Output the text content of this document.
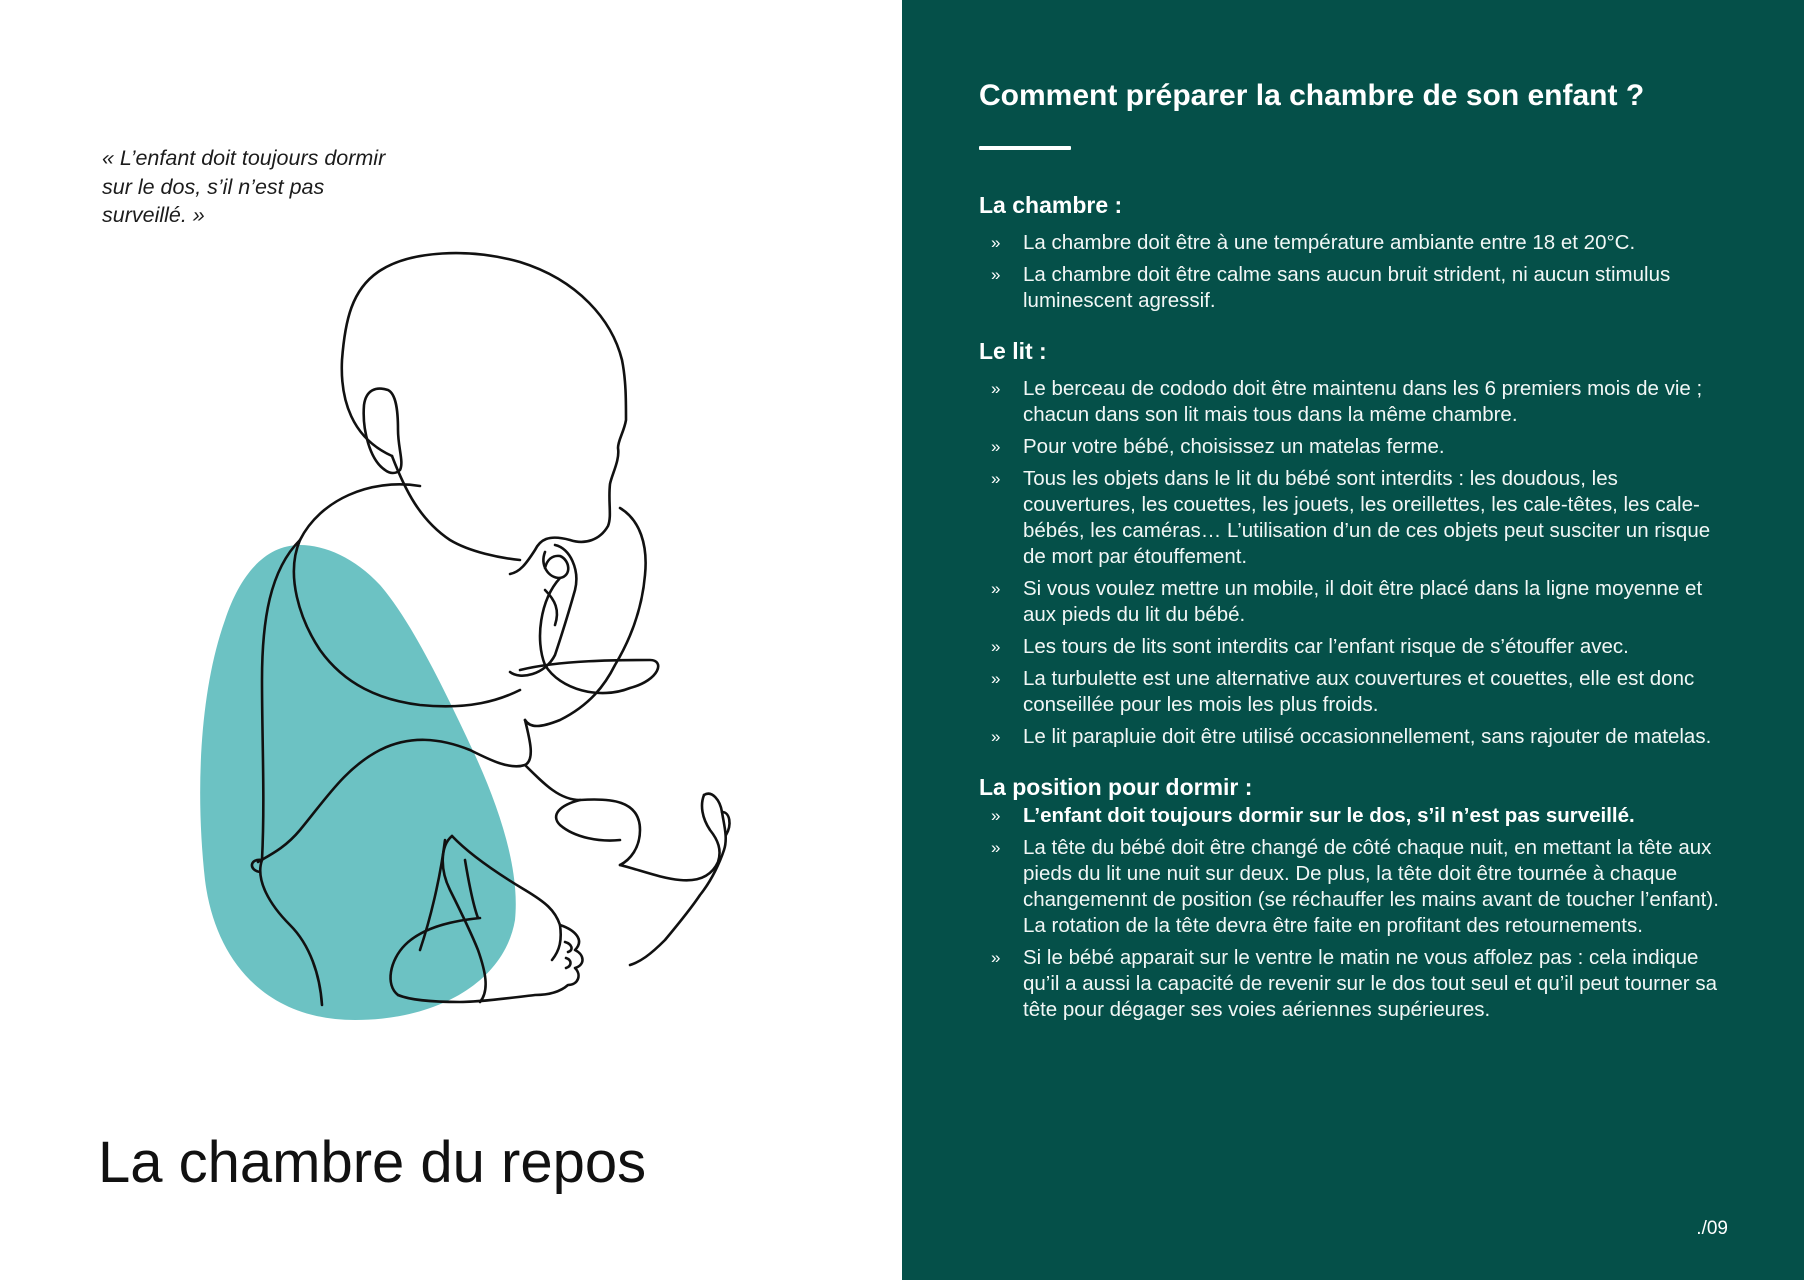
« L’enfant doit toujours dormir sur le dos, s’il n’est pas surveillé. »

La chambre du repos
Comment préparer la chambre de son enfant ?
La chambre :
» La chambre doit être à une température ambiante entre 18 et 20°C.
» La chambre doit être calme sans aucun bruit strident, ni aucun stimulus luminescent agressif.
Le lit :
» Le berceau de cododo doit être maintenu dans les 6 premiers mois de vie ; chacun dans son lit mais tous dans la même chambre.
» Pour votre bébé, choisissez un matelas ferme.
» Tous les objets dans le lit du bébé sont interdits : les doudous, les couvertures, les couettes, les jouets, les oreillettes, les cale-têtes, les cale-bébés, les caméras… L’utilisation d’un de ces objets peut susciter un risque de mort par étouffement.
» Si vous voulez mettre un mobile, il doit être placé dans la ligne moyenne et aux pieds du lit du bébé.
» Les tours de lits sont interdits car l’enfant risque de s’étouffer avec.
» La turbulette est une alternative aux couvertures et couettes, elle est donc conseillée pour les mois les plus froids.
» Le lit parapluie doit être utilisé occasionnellement, sans rajouter de matelas.
La position pour dormir :
» L’enfant doit toujours dormir sur le dos, s’il n’est pas surveillé.
» La tête du bébé doit être changé de côté chaque nuit, en mettant la tête aux pieds du lit une nuit sur deux. De plus, la tête doit être tournée à chaque changemennt de position (se réchauffer les mains avant de toucher l’enfant). La rotation de la tête devra être faite en profitant des retournements.
» Si le bébé apparait sur le ventre le matin ne vous affolez pas : cela indique qu’il a aussi la capacité de revenir sur le dos tout seul et qu’il peut tourner sa tête pour dégager ses voies aériennes supérieures.

./09
